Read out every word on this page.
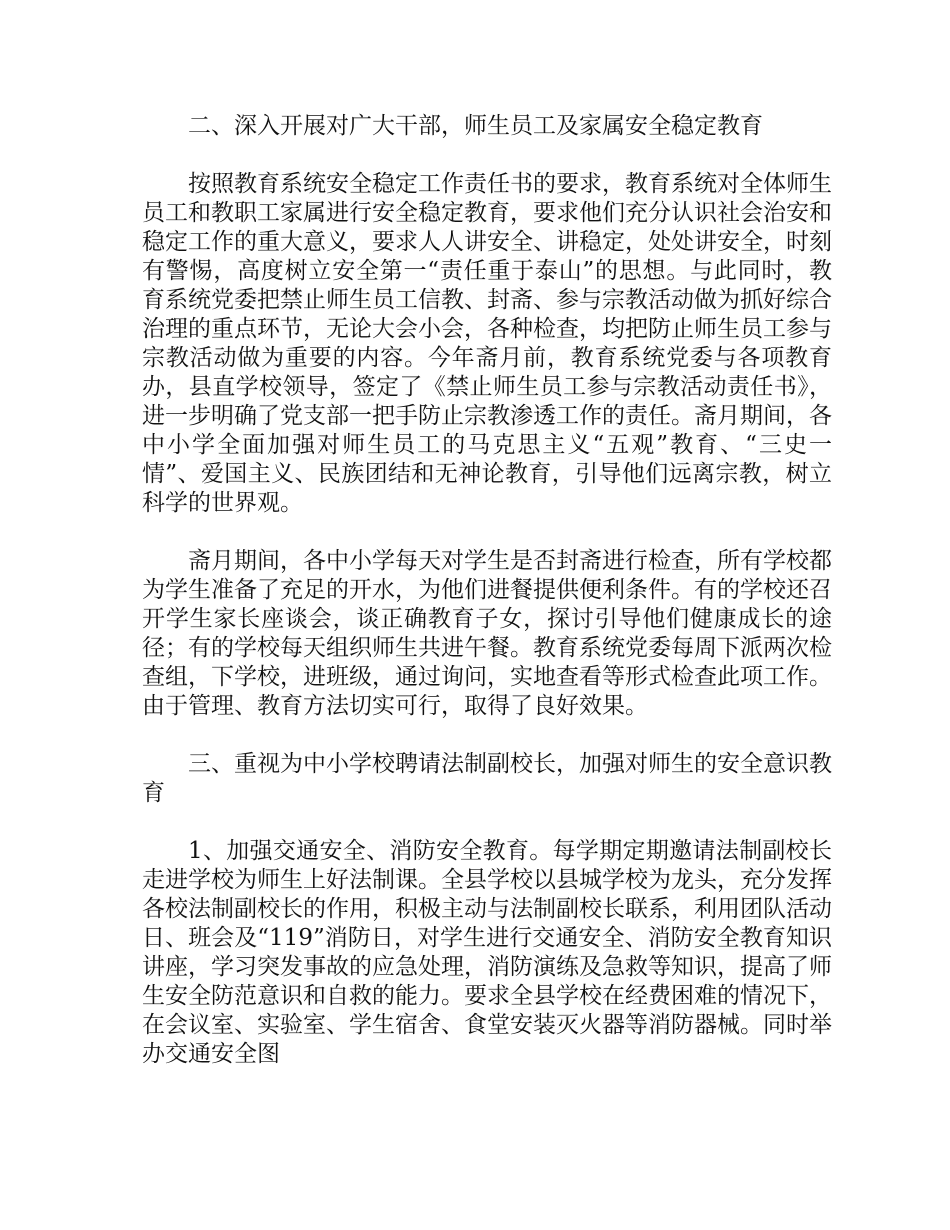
二、深入开展对广大干部，师生员工及家属安全稳定教育

按照教育系统安全稳定工作责任书的要求，教育系统对全体师生员工和教职工家属进行安全稳定教育，要求他们充分认识社会治安和稳定工作的重大意义，要求人人讲安全、讲稳定，处处讲安全，时刻有警惕，高度树立安全第一“责任重于泰山”的思想。与此同时，教育系统党委把禁止师生员工信教、封斋、参与宗教活动做为抓好综合治理的重点环节，无论大会小会，各种检查，均把防止师生员工参与宗教活动做为重要的内容。今年斋月前，教育系统党委与各项教育办，县直学校领导，签定了《禁止师生员工参与宗教活动责任书》，进一步明确了党支部一把手防止宗教渗透工作的责任。斋月期间，各中小学全面加强对师生员工的马克思主义“五观”教育、“三史一情”、爱国主义、民族团结和无神论教育，引导他们远离宗教，树立科学的世界观。

斋月期间，各中小学每天对学生是否封斋进行检查，所有学校都为学生准备了充足的开水，为他们进餐提供便利条件。有的学校还召开学生家长座谈会，谈正确教育子女，探讨引导他们健康成长的途径；有的学校每天组织师生共进午餐。教育系统党委每周下派两次检查组，下学校，进班级，通过询问，实地查看等形式检查此项工作。由于管理、教育方法切实可行，取得了良好效果。

三、重视为中小学校聘请法制副校长，加强对师生的安全意识教育

1、加强交通安全、消防安全教育。每学期定期邀请法制副校长走进学校为师生上好法制课。全县学校以县城学校为龙头，充分发挥各校法制副校长的作用，积极主动与法制副校长联系，利用团队活动日、班会及“119”消防日，对学生进行交通安全、消防安全教育知识讲座，学习突发事故的应急处理，消防演练及急救等知识，提高了师生安全防范意识和自救的能力。要求全县学校在经费困难的情况下，在会议室、实验室、学生宿舍、食堂安装灭火器等消防器械。同时举办交通安全图
